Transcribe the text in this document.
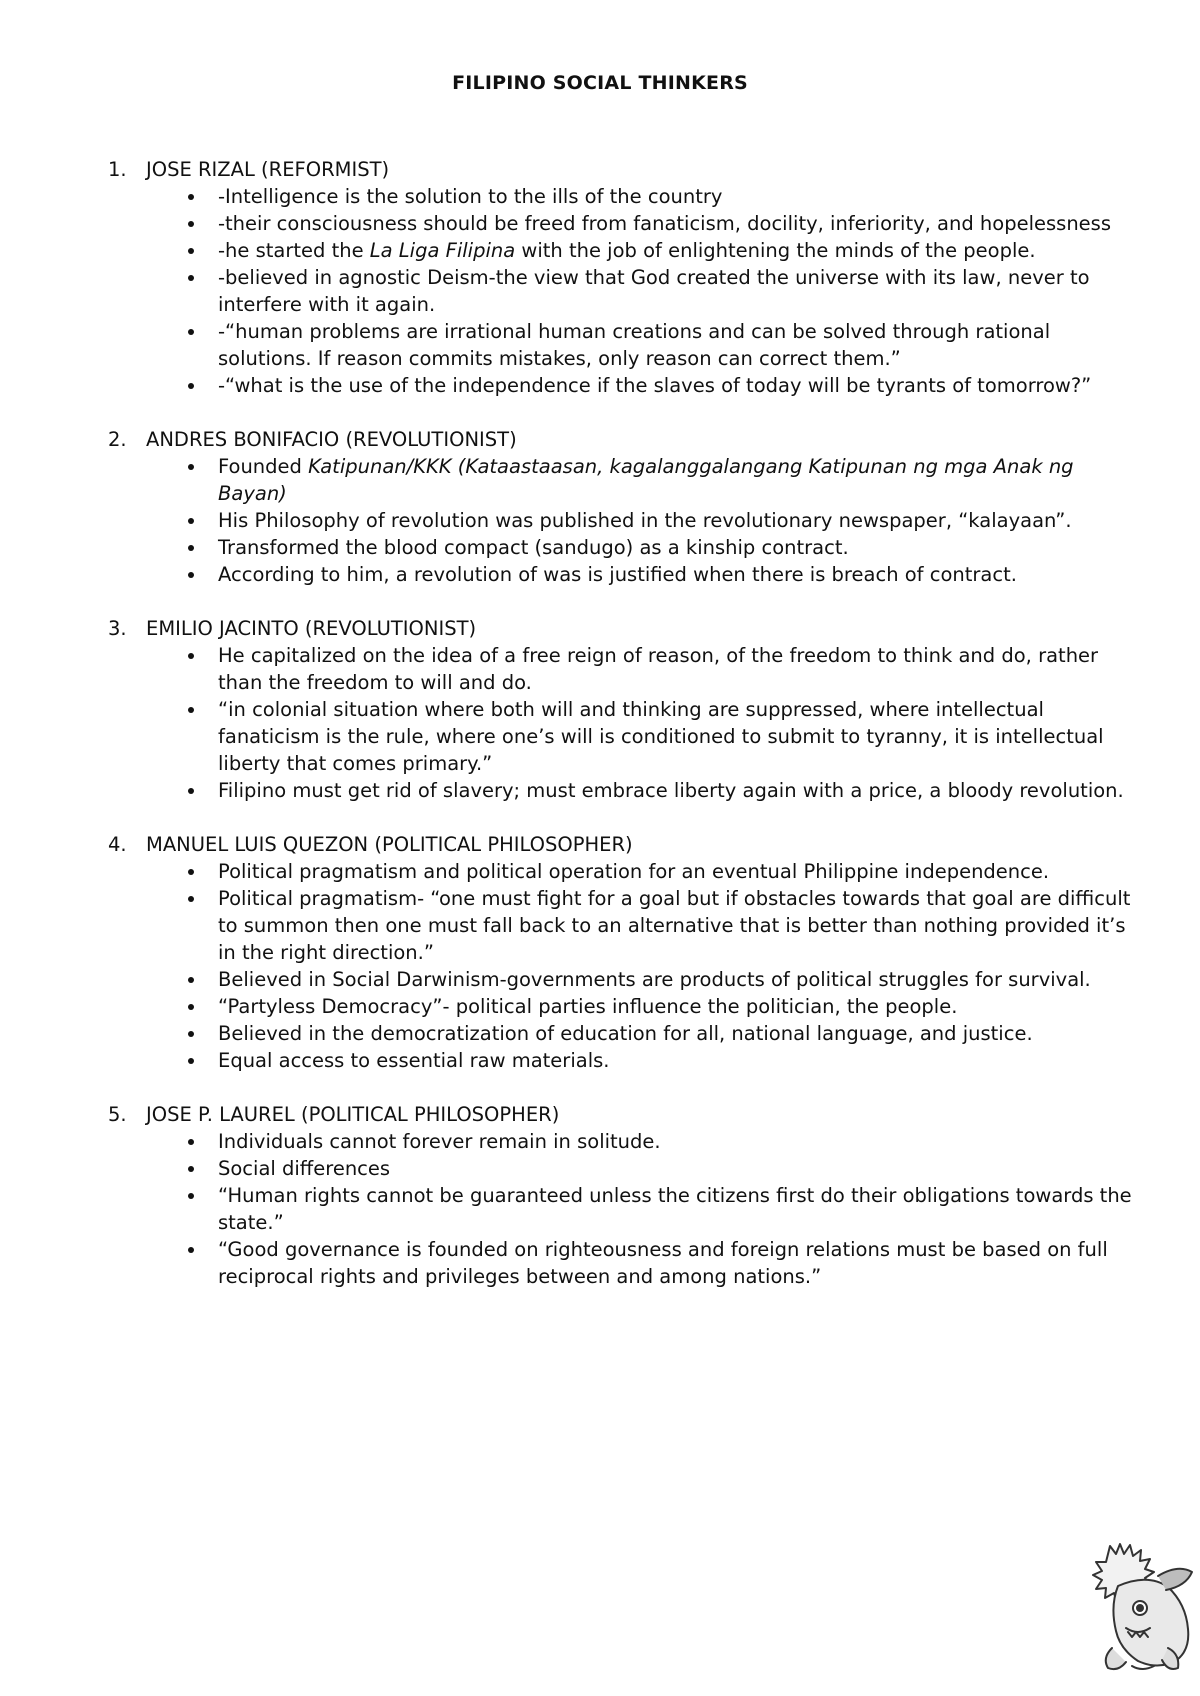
FILIPINO SOCIAL THINKERS
1. JOSE RIZAL (REFORMIST)
-Intelligence is the solution to the ills of the country
-their consciousness should be freed from fanaticism, docility, inferiority, and hopelessness
-he started the La Liga Filipina with the job of enlightening the minds of the people.
-believed in agnostic Deism-the view that God created the universe with its law, never to interfere with it again.
-“human problems are irrational human creations and can be solved through rational solutions. If reason commits mistakes, only reason can correct them.”
-“what is the use of the independence if the slaves of today will be tyrants of tomorrow?”
2. ANDRES BONIFACIO (REVOLUTIONIST)
Founded Katipunan/KKK (Kataastaasan, kagalanggalangang Katipunan ng mga Anak ng Bayan)
His Philosophy of revolution was published in the revolutionary newspaper, “kalayaan”.
Transformed the blood compact (sandugo) as a kinship contract.
According to him, a revolution of was is justified when there is breach of contract.
3. EMILIO JACINTO (REVOLUTIONIST)
He capitalized on the idea of a free reign of reason, of the freedom to think and do, rather than the freedom to will and do.
“in colonial situation where both will and thinking are suppressed, where intellectual fanaticism is the rule, where one’s will is conditioned to submit to tyranny, it is intellectual liberty that comes primary.”
Filipino must get rid of slavery; must embrace liberty again with a price, a bloody revolution.
4. MANUEL LUIS QUEZON (POLITICAL PHILOSOPHER)
Political pragmatism and political operation for an eventual Philippine independence.
Political pragmatism- “one must fight for a goal but if obstacles towards that goal are difficult to summon then one must fall back to an alternative that is better than nothing provided it’s in the right direction.”
Believed in Social Darwinism-governments are products of political struggles for survival.
“Partyless Democracy”- political parties influence the politician, the people.
Believed in the democratization of education for all, national language, and justice.
Equal access to essential raw materials.
5. JOSE P. LAUREL (POLITICAL PHILOSOPHER)
Individuals cannot forever remain in solitude.
Social differences
“Human rights cannot be guaranteed unless the citizens first do their obligations towards the state.”
“Good governance is founded on righteousness and foreign relations must be based on full reciprocal rights and privileges between and among nations.”
